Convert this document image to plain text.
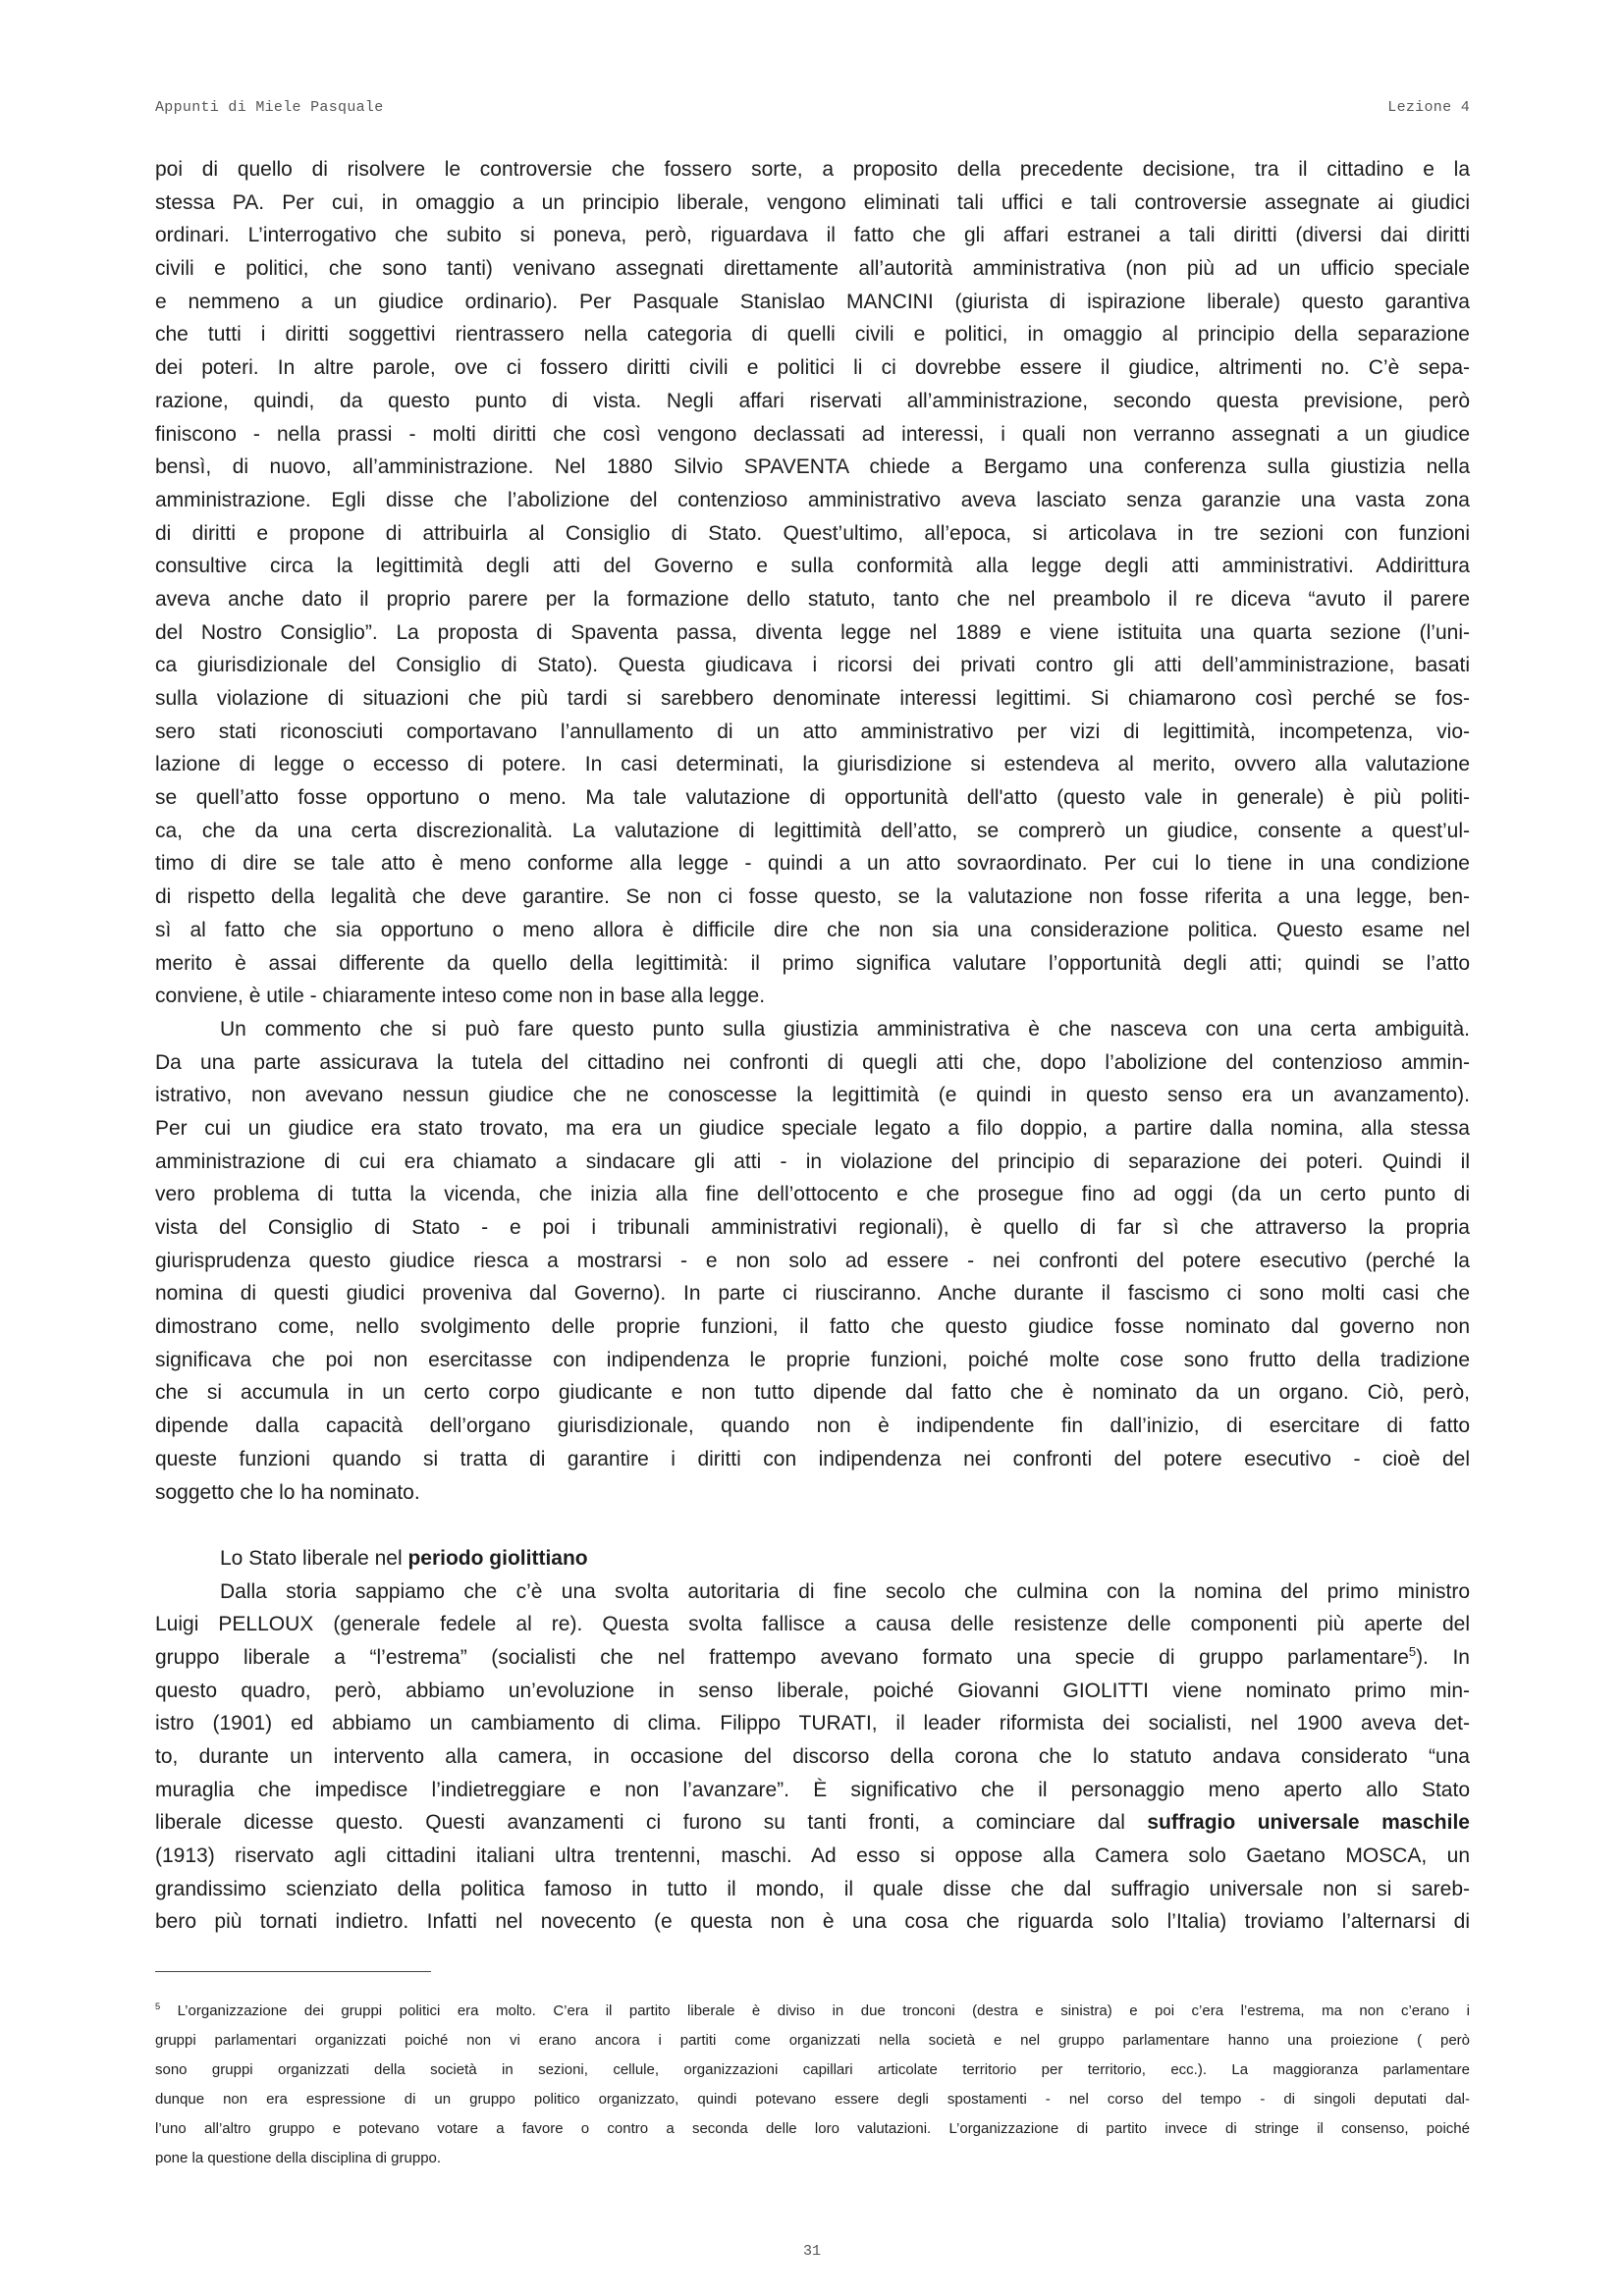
Appunti di Miele Pasquale	Lezione 4
poi di quello di risolvere le controversie che fossero sorte, a proposito della precedente decisione, tra il cittadino e la
stessa PA. Per cui, in omaggio a un principio liberale, vengono eliminati tali uffici e tali controversie assegnate ai giudici
ordinari. L’interrogativo che subito si poneva, però, riguardava il fatto che gli affari estranei a tali diritti (diversi dai diritti
civili e politici, che sono tanti) venivano assegnati direttamente all’autorità amministrativa (non più ad un ufficio speciale
e nemmeno a un giudice ordinario). Per Pasquale Stanislao MANCINI (giurista di ispirazione liberale) questo garantiva
che tutti i diritti soggettivi rientrassero nella categoria di quelli civili e politici, in omaggio al principio della separazione
dei poteri. In altre parole, ove ci fossero diritti civili e politici li ci dovrebbe essere il giudice, altrimenti no. C’è sepa-
razione, quindi, da questo punto di vista. Negli affari riservati all’amministrazione, secondo questa previsione, però
finiscono - nella prassi - molti diritti che così vengono declassati ad interessi, i quali non verranno assegnati a un giudice
bensì, di nuovo, all’amministrazione. Nel 1880 Silvio SPAVENTA chiede a Bergamo una conferenza sulla giustizia nella
amministrazione. Egli disse che l’abolizione del contenzioso amministrativo aveva lasciato senza garanzie una vasta zona
di diritti e propone di attribuirla al Consiglio di Stato. Quest’ultimo, all’epoca, si articolava in tre sezioni con funzioni
consultive circa la legittimità degli atti del Governo e sulla conformità alla legge degli atti amministrativi. Addirittura
aveva anche dato il proprio parere per la formazione dello statuto, tanto che nel preambolo il re diceva “avuto il parere
del Nostro Consiglio”. La proposta di Spaventa passa, diventa legge nel 1889 e viene istituita una quarta sezione (l’uni-
ca giurisdizionale del Consiglio di Stato). Questa giudicava i ricorsi dei privati contro gli atti dell’amministrazione, basati
sulla violazione di situazioni che più tardi si sarebbero denominate interessi legittimi. Si chiamarono così perché se fos-
sero stati riconosciuti comportavano l’annullamento di un atto amministrativo per vizi di legittimità, incompetenza, vio-
lazione di legge o eccesso di potere. In casi determinati, la giurisdizione si estendeva al merito, ovvero alla valutazione
se quell’atto fosse opportuno o meno. Ma tale valutazione di opportunità dell'atto (questo vale in generale) è più politi-
ca, che da una certa discrezionalità. La valutazione di legittimità dell’atto, se comprerò un giudice, consente a quest’ul-
timo di dire se tale atto è meno conforme alla legge - quindi a un atto sovraordinato. Per cui lo tiene in una condizione
di rispetto della legalità che deve garantire. Se non ci fosse questo, se la valutazione non fosse riferita a una legge, ben-
sì al fatto che sia opportuno o meno allora è difficile dire che non sia una considerazione politica. Questo esame nel
merito è assai differente da quello della legittimità: il primo significa valutare l’opportunità degli atti; quindi se l’atto
conviene, è utile - chiaramente inteso come non in base alla legge.
Un commento che si può fare questo punto sulla giustizia amministrativa è che nasceva con una certa ambiguità.
Da una parte assicurava la tutela del cittadino nei confronti di quegli atti che, dopo l’abolizione del contenzioso ammin-
istrativo, non avevano nessun giudice che ne conoscesse la legittimità (e quindi in questo senso era un avanzamento).
Per cui un giudice era stato trovato, ma era un giudice speciale legato a filo doppio, a partire dalla nomina, alla stessa
amministrazione di cui era chiamato a sindacare gli atti - in violazione del principio di separazione dei poteri. Quindi il
vero problema di tutta la vicenda, che inizia alla fine dell’ottocento e che prosegue fino ad oggi (da un certo punto di
vista del Consiglio di Stato - e poi i tribunali amministrativi regionali), è quello di far sì che attraverso la propria
giurisprudenza questo giudice riesca a mostrarsi - e non solo ad essere - nei confronti del potere esecutivo (perché la
nomina di questi giudici proveniva dal Governo). In parte ci riusciranno. Anche durante il fascismo ci sono molti casi che
dimostrano come, nello svolgimento delle proprie funzioni, il fatto che questo giudice fosse nominato dal governo non
significava che poi non esercitasse con indipendenza le proprie funzioni, poiché molte cose sono frutto della tradizione
che si accumula in un certo corpo giudicante e non tutto dipende dal fatto che è nominato da un organo. Ciò, però,
dipende dalla capacità dell’organo giurisdizionale, quando non è indipendente fin dall’inizio, di esercitare di fatto
queste funzioni quando si tratta di garantire i diritti con indipendenza nei confronti del potere esecutivo - cioè del
soggetto che lo ha nominato.
Lo Stato liberale nel periodo giolittiano
Dalla storia sappiamo che c’è una svolta autoritaria di fine secolo che culmina con la nomina del primo ministro
Luigi PELLOUX (generale fedele al re). Questa svolta fallisce a causa delle resistenze delle componenti più aperte del
gruppo liberale a “l’estrema” (socialisti che nel frattempo avevano formato una specie di gruppo parlamentare$^5$). In
questo quadro, però, abbiamo un’evoluzione in senso liberale, poiché Giovanni GIOLITTI viene nominato primo min-
istro (1901) ed abbiamo un cambiamento di clima. Filippo TURATI, il leader riformista dei socialisti, nel 1900 aveva det-
to, durante un intervento alla camera, in occasione del discorso della corona che lo statuto andava considerato “una
muraglia che impedisce l’indietreggiare e non l’avanzare”. È significativo che il personaggio meno aperto allo Stato
liberale dicesse questo. Questi avanzamenti ci furono su tanti fronti, a cominciare dal suffragio universale maschile
(1913) riservato agli cittadini italiani ultra trentenni, maschi. Ad esso si oppose alla Camera solo Gaetano MOSCA, un
grandissimo scienziato della politica famoso in tutto il mondo, il quale disse che dal suffragio universale non si sareb-
bero più tornati indietro. Infatti nel novecento (e questa non è una cosa che riguarda solo l’Italia) troviamo l’alternarsi di
$^5$ L’organizzazione dei gruppi politici era molto. C’era il partito liberale è diviso in due tronconi (destra e sinistra) e poi c’era l’estrema, ma non c’erano i
gruppi parlamentari organizzati poiché non vi erano ancora i partiti come organizzati nella società e nel gruppo parlamentare hanno una proiezione ( però
sono gruppi organizzati della società in sezioni, cellule, organizzazioni capillari articolate territorio per territorio, ecc.). La maggioranza parlamentare
dunque non era espressione di un gruppo politico organizzato, quindi potevano essere degli spostamenti - nel corso del tempo - di singoli deputati dal-
l’uno all’altro gruppo e potevano votare a favore o contro a seconda delle loro valutazioni. L’organizzazione di partito invece di stringe il consenso, poiché
pone la questione della disciplina di gruppo.
31
